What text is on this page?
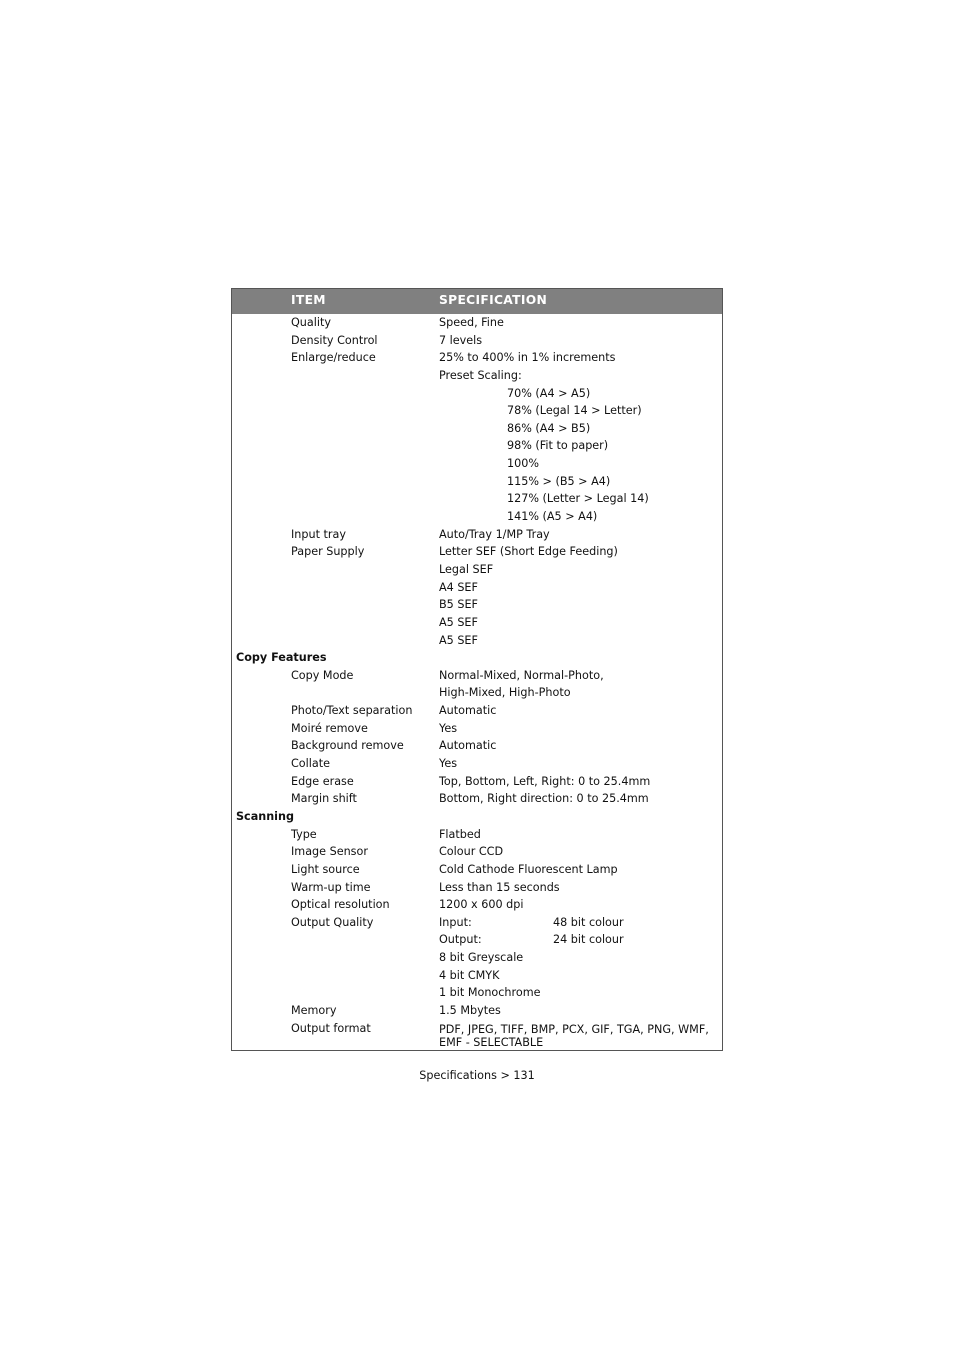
ITEM	SPECIFICATION
Quality	Speed, Fine
Density Control	7 levels
Enlarge/reduce	25% to 400% in 1% increments
Preset Scaling:
70% (A4 > A5)
78% (Legal 14 > Letter)
86% (A4 > B5)
98% (Fit to paper)
100%
115% > (B5 > A4)
127% (Letter > Legal 14)
141% (A5 > A4)
Input tray	Auto/Tray 1/MP Tray
Paper Supply	Letter SEF (Short Edge Feeding)
Legal SEF
A4 SEF
B5 SEF
A5 SEF
A5 SEF
Copy Features
Copy Mode	Normal-Mixed, Normal-Photo,
High-Mixed, High-Photo
Photo/Text separation Automatic
Moiré remove	Yes
Background remove	Automatic
Collate	Yes
Edge erase	Top, Bottom, Left, Right: 0 to 25.4mm
Margin shift	Bottom, Right direction: 0 to 25.4mm
Scanning
Type	Flatbed
Image Sensor	Colour CCD
Light source	Cold Cathode Fluorescent Lamp
Warm-up time	Less than 15 seconds
Optical resolution	1200 x 600 dpi
Output Quality	Input:	48 bit colour
Output:	24 bit colour
8 bit Greyscale
4 bit CMYK
1 bit Monochrome
Memory	1.5 Mbytes
Output format	PDF, JPEG, TIFF, BMP, PCX, GIF, TGA, PNG, WMF, EMF - SELECTABLE
Specifications > 131
